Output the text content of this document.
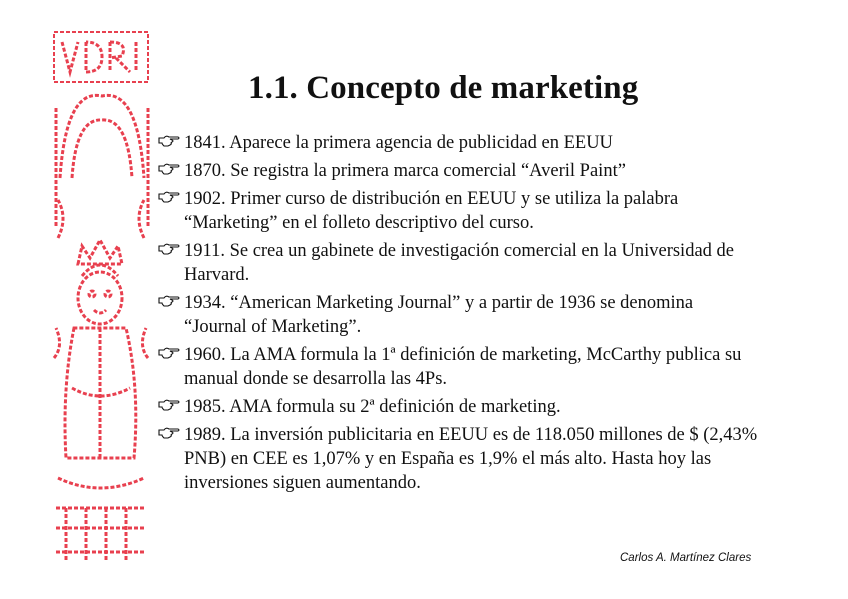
1.1. Concepto de marketing
1841. Aparece la primera agencia de publicidad en EEUU
1870. Se registra la primera marca comercial “Averil Paint”
1902. Primer curso de distribución en EEUU y se utiliza la palabra “Marketing” en el folleto descriptivo del curso.
1911. Se crea un gabinete de investigación comercial en la Universidad de Harvard.
1934. “American Marketing Journal” y a partir de 1936 se denomina “Journal of Marketing”.
1960. La AMA formula la 1ª definición de marketing, McCarthy publica su manual donde se desarrolla las 4Ps.
1985. AMA formula su 2ª definición de marketing.
1989. La inversión publicitaria en EEUU es de 118.050 millones de $ (2,43% PNB) en CEE es 1,07% y en España es 1,9% el más alto. Hasta hoy las inversiones siguen aumentando.
Carlos A. Martínez Clares
